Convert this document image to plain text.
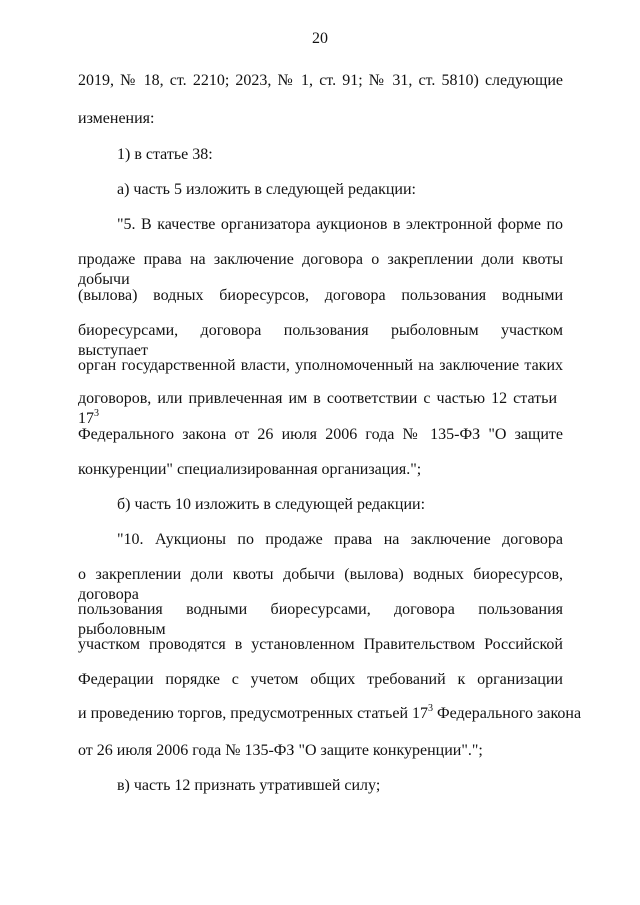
20
2019, № 18, ст. 2210; 2023, № 1, ст. 91; № 31, ст. 5810) следующие
изменения:
1) в статье 38:
а) часть 5 изложить в следующей редакции:
"5. В качестве организатора аукционов в электронной форме по
продаже права на заключение договора о закреплении доли квоты добычи
(вылова) водных биоресурсов, договора пользования водными
биоресурсами, договора пользования рыболовным участком выступает
орган государственной власти, уполномоченный на заключение таких
договоров, или привлеченная им в соответствии с частью 12 статьи $17^3$
Федерального закона от 26 июля 2006 года № 135-ФЗ "О защите
конкуренции" специализированная организация.";
б) часть 10 изложить в следующей редакции:
"10. Аукционы по продаже права на заключение договора
о закреплении доли квоты добычи (вылова) водных биоресурсов, договора
пользования водными биоресурсами, договора пользования рыболовным
участком проводятся в установленном Правительством Российской
Федерации порядке с учетом общих требований к организации
и проведению торгов, предусмотренных статьей $17^3$ Федерального закона
от 26 июля 2006 года № 135-ФЗ "О защите конкуренции".";
в) часть 12 признать утратившей силу;
